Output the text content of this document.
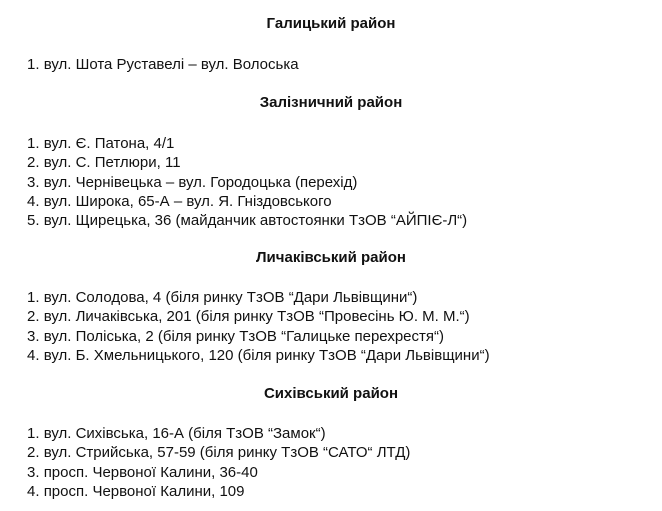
Галицький район
1. вул. Шота Руставелі – вул. Волоська
Залізничний район
1. вул. Є. Патона, 4/1
2. вул. С. Петлюри, 11
3. вул. Чернівецька – вул. Городоцька (перехід)
4. вул. Широка, 65-А – вул. Я. Гніздовського
5. вул. Щирецька, 36 (майданчик автостоянки ТзОВ “АЙПІЄ-Л“)
Личаківський район
1. вул. Солодова, 4 (біля ринку ТзОВ “Дари Львівщини“)
2. вул. Личаківська, 201 (біля ринку ТзОВ “Провесінь Ю. М. М.“)
3. вул. Поліська, 2 (біля ринку ТзОВ “Галицьке перехрестя“)
4. вул. Б. Хмельницького, 120 (біля ринку ТзОВ “Дари Львівщини“)
Сихівський район
1. вул. Сихівська, 16-А (біля ТзОВ “Замок“)
2. вул. Стрийська, 57-59 (біля ринку ТзОВ “САТО“ ЛТД)
3. просп. Червоної Калини, 36-40
4. просп. Червоної Калини, 109
